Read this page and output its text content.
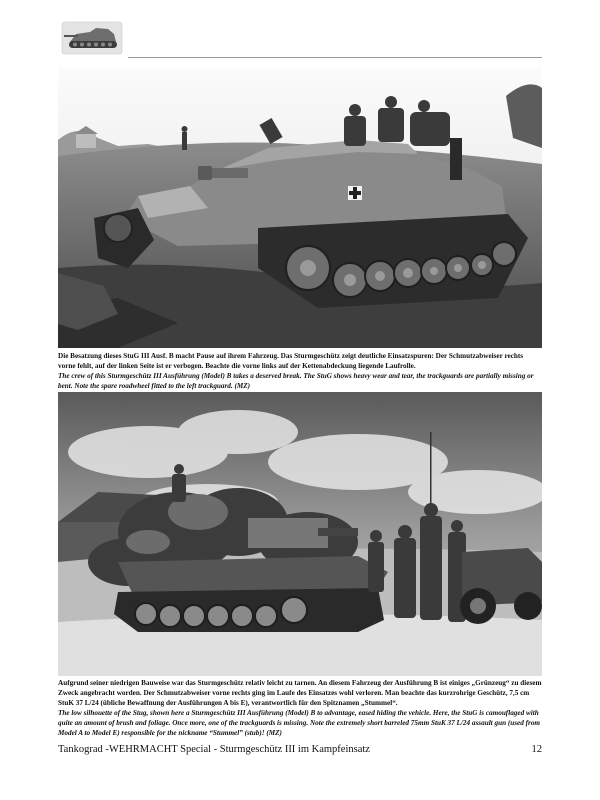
Die Besatzung dieses StuG III Ausf. B macht Pause auf ihrem Fahrzeug. Das Sturmgeschütz zeigt deutliche Einsatzspuren: Der Schmutzabweiser rechts vorne fehlt, auf der linken Seite ist er verbogen. Beachte die vorne links auf der Kettenabdeckung liegende Laufrolle.

The crew of this Sturmgeschütz III Ausführung (Model) B takes a deserved break. The StuG shows heavy wear and tear, the trackguards are partially missing or bent. Note the spare roadwheel fitted to the left trackguard. (MZ)

Aufgrund seiner niedrigen Bauweise war das Sturmgeschütz relativ leicht zu tarnen. An diesem Fahrzeug der Ausführung B ist einiges „Grünzeug“ zu diesem Zweck angebracht worden. Der Schmutzabweiser vorne rechts ging im Laufe des Einsatzes wohl verloren. Man beachte das kurzrohrige Geschütz, 7,5 cm StuK 37 L/24 (übliche Bewaffnung der Ausführungen A bis E), verantwortlich für den Spitznamen „Stummel“.

The low silhouette of the Stug, shown here a Sturmgeschütz III Ausführung (Model) B to advantage, eased hiding the vehicle. Here, the StuG is camouflaged with quite an amount of brush and foliage. Once more, one of the trackguards is missing. Note the extremely short barreled 75mm StuK 37 L/24 assault gun (used from Model A to Model E) responsible for the nickname “Stummel” (stub)! (MZ)

Tankograd -WEHRMACHT Special - Sturmgeschütz III im Kampfeinsatz	12
